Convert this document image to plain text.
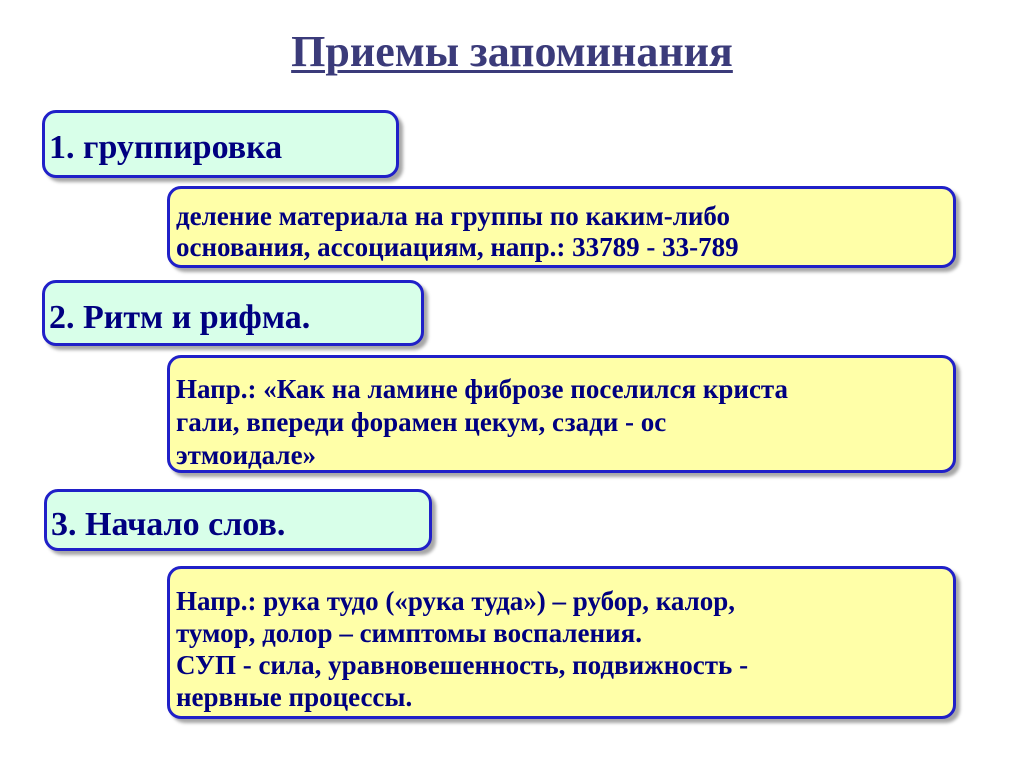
Приемы запоминания
1. группировка
деление материала на группы по каким-либо
основания, ассоциациям, напр.: 33789 - 33-789
2. Ритм и рифма.
Напр.: «Как на ламине фиброзе поселился криста
гали, впереди форамен цекум, сзади - ос
этмоидале»
3. Начало слов.
Напр.: рука тудо («рука туда») – рубор, калор,
тумор, долор – симптомы воспаления.
СУП - сила, уравновешенность, подвижность -
нервные процессы.
